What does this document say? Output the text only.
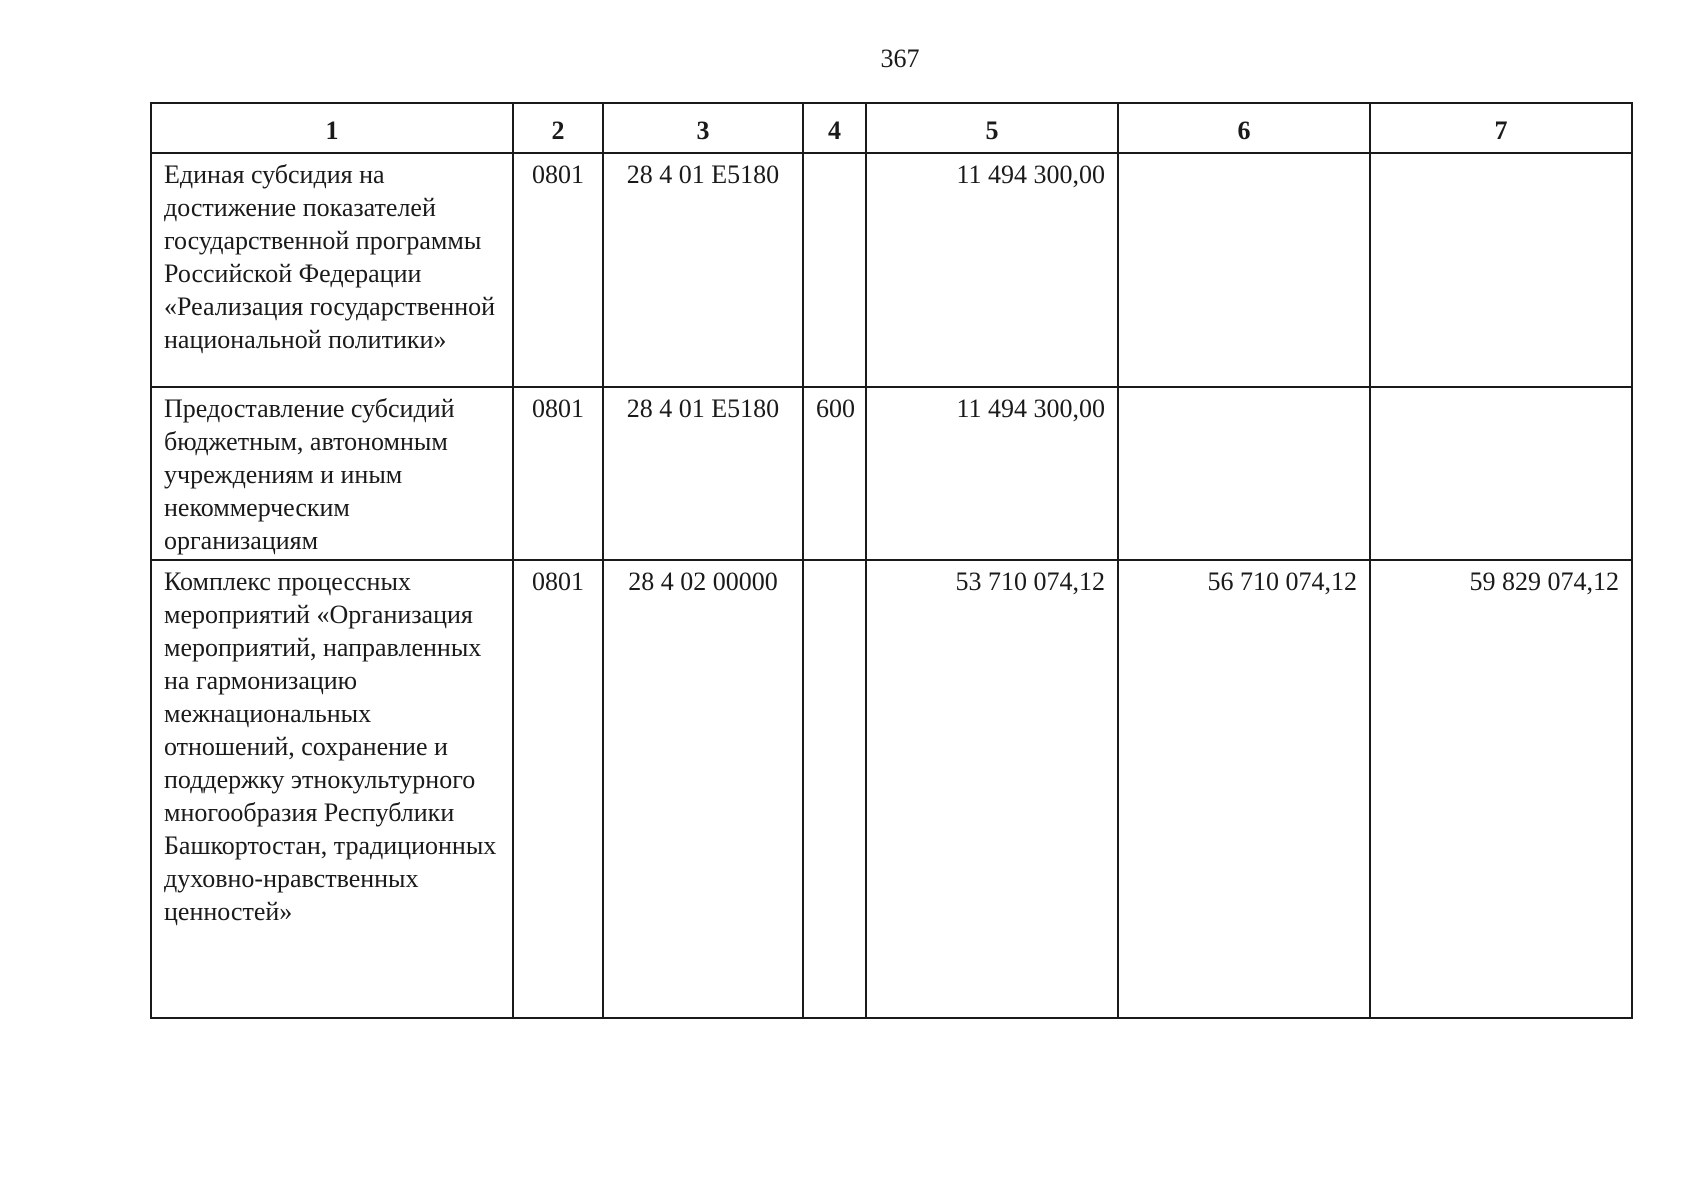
367
1	2	3	4	5	6	7
Единая субсидия на достижение показателей государственной программы Российской Федерации «Реализация государственной национальной политики»	0801	28 4 01 E5180		11 494 300,00		
Предоставление субсидий бюджетным, автономным учреждениям и иным некоммерческим организациям	0801	28 4 01 E5180	600	11 494 300,00		
Комплекс процессных мероприятий «Организация мероприятий, направленных на гармонизацию межнациональных отношений, сохранение и поддержку этнокультурного многообразия Республики Башкортостан, традиционных духовно-нравственных ценностей»	0801	28 4 02 00000		53 710 074,12	56 710 074,12	59 829 074,12
